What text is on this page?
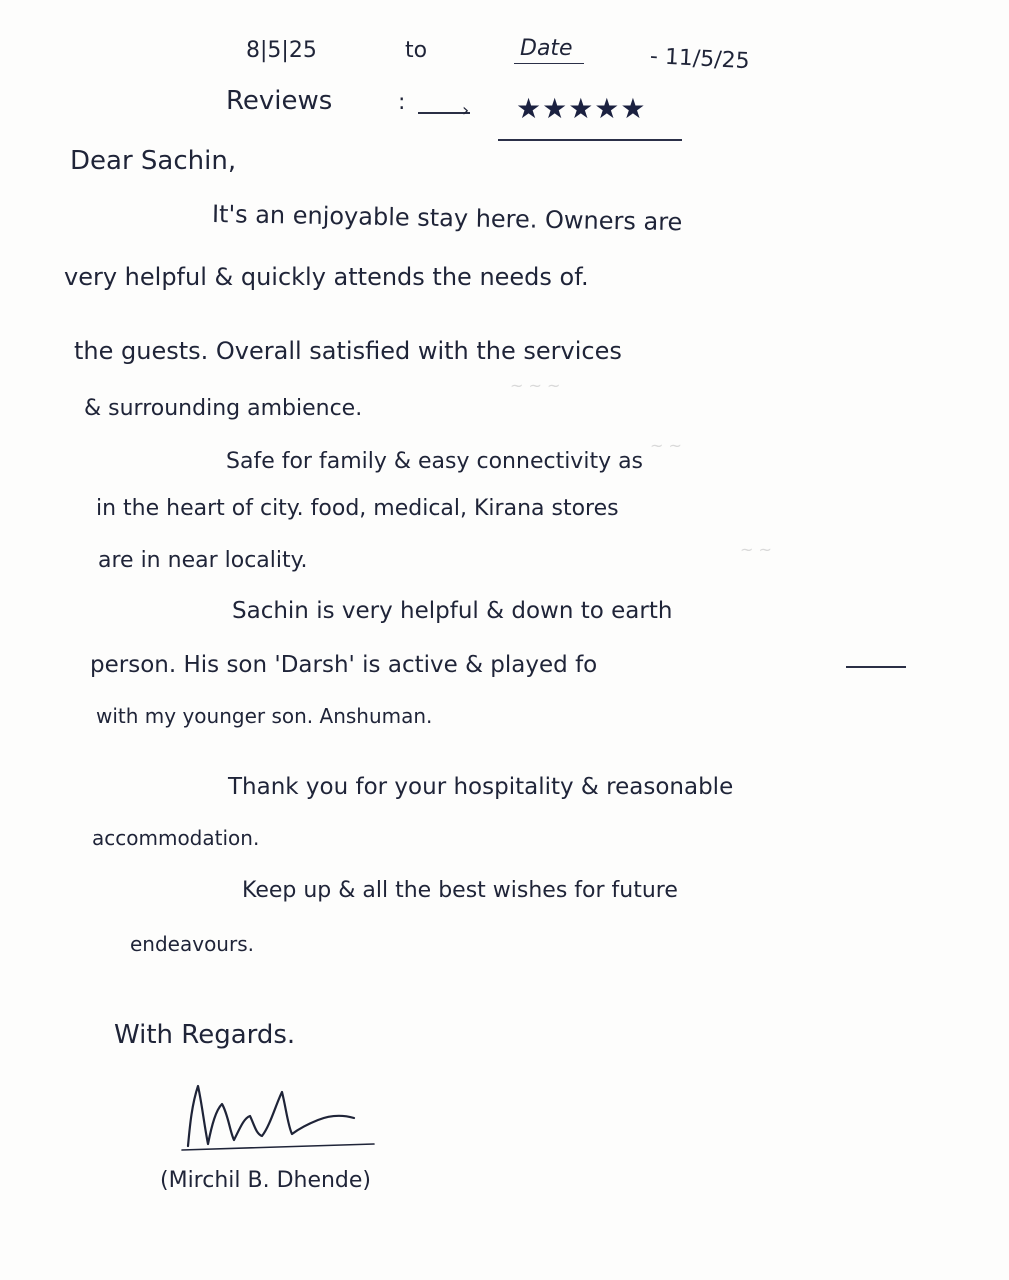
8|5|25	to	Date	- 11/5/25
Reviews	:	› ★★★★★
Dear Sachin,
It's an enjoyable stay here. Owners are
very helpful & quickly attends the needs of.
the guests. Overall satisfied with the services
& surrounding ambience.
Safe for family & easy connectivity as
in the heart of city. food, medical, Kirana stores
are in near locality.
Sachin is very helpful & down to earth
person. His son 'Darsh' is active & played fo
with my younger son. Anshuman.
Thank you for your hospitality & reasonable
accommodation.
Keep up & all the best wishes for future
endeavours.
With Regards.
(Mirchil B. Dhende)
~ ~ ~
~ ~
~ ~
